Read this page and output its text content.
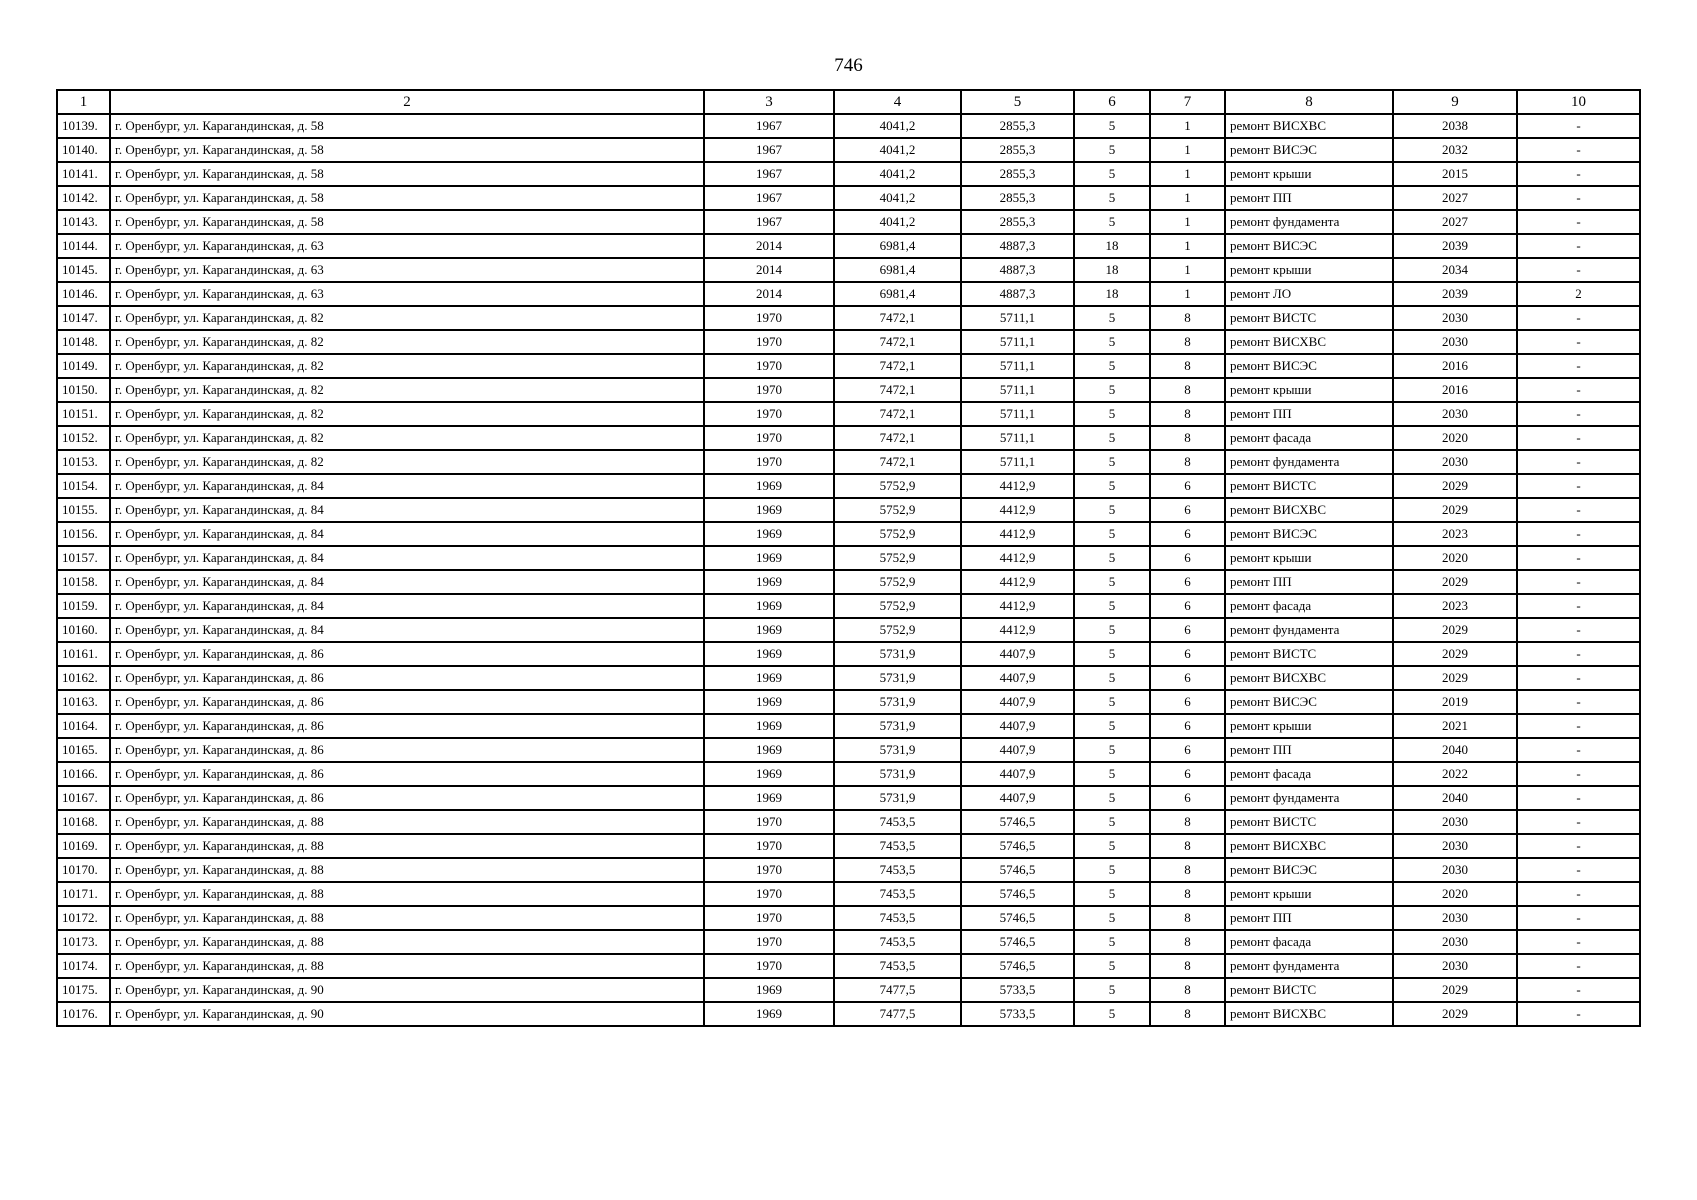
746
1	2	3	4	5	6	7	8	9	10
10139.	г. Оренбург, ул. Карагандинская, д. 58	1967	4041,2	2855,3	5	1	ремонт ВИСХВС	2038	-
10140.	г. Оренбург, ул. Карагандинская, д. 58	1967	4041,2	2855,3	5	1	ремонт ВИСЭС	2032	-
10141.	г. Оренбург, ул. Карагандинская, д. 58	1967	4041,2	2855,3	5	1	ремонт крыши	2015	-
10142.	г. Оренбург, ул. Карагандинская, д. 58	1967	4041,2	2855,3	5	1	ремонт ПП	2027	-
10143.	г. Оренбург, ул. Карагандинская, д. 58	1967	4041,2	2855,3	5	1	ремонт фундамента	2027	-
10144.	г. Оренбург, ул. Карагандинская, д. 63	2014	6981,4	4887,3	18	1	ремонт ВИСЭС	2039	-
10145.	г. Оренбург, ул. Карагандинская, д. 63	2014	6981,4	4887,3	18	1	ремонт крыши	2034	-
10146.	г. Оренбург, ул. Карагандинская, д. 63	2014	6981,4	4887,3	18	1	ремонт ЛО	2039	2
10147.	г. Оренбург, ул. Карагандинская, д. 82	1970	7472,1	5711,1	5	8	ремонт ВИСТС	2030	-
10148.	г. Оренбург, ул. Карагандинская, д. 82	1970	7472,1	5711,1	5	8	ремонт ВИСХВС	2030	-
10149.	г. Оренбург, ул. Карагандинская, д. 82	1970	7472,1	5711,1	5	8	ремонт ВИСЭС	2016	-
10150.	г. Оренбург, ул. Карагандинская, д. 82	1970	7472,1	5711,1	5	8	ремонт крыши	2016	-
10151.	г. Оренбург, ул. Карагандинская, д. 82	1970	7472,1	5711,1	5	8	ремонт ПП	2030	-
10152.	г. Оренбург, ул. Карагандинская, д. 82	1970	7472,1	5711,1	5	8	ремонт фасада	2020	-
10153.	г. Оренбург, ул. Карагандинская, д. 82	1970	7472,1	5711,1	5	8	ремонт фундамента	2030	-
10154.	г. Оренбург, ул. Карагандинская, д. 84	1969	5752,9	4412,9	5	6	ремонт ВИСТС	2029	-
10155.	г. Оренбург, ул. Карагандинская, д. 84	1969	5752,9	4412,9	5	6	ремонт ВИСХВС	2029	-
10156.	г. Оренбург, ул. Карагандинская, д. 84	1969	5752,9	4412,9	5	6	ремонт ВИСЭС	2023	-
10157.	г. Оренбург, ул. Карагандинская, д. 84	1969	5752,9	4412,9	5	6	ремонт крыши	2020	-
10158.	г. Оренбург, ул. Карагандинская, д. 84	1969	5752,9	4412,9	5	6	ремонт ПП	2029	-
10159.	г. Оренбург, ул. Карагандинская, д. 84	1969	5752,9	4412,9	5	6	ремонт фасада	2023	-
10160.	г. Оренбург, ул. Карагандинская, д. 84	1969	5752,9	4412,9	5	6	ремонт фундамента	2029	-
10161.	г. Оренбург, ул. Карагандинская, д. 86	1969	5731,9	4407,9	5	6	ремонт ВИСТС	2029	-
10162.	г. Оренбург, ул. Карагандинская, д. 86	1969	5731,9	4407,9	5	6	ремонт ВИСХВС	2029	-
10163.	г. Оренбург, ул. Карагандинская, д. 86	1969	5731,9	4407,9	5	6	ремонт ВИСЭС	2019	-
10164.	г. Оренбург, ул. Карагандинская, д. 86	1969	5731,9	4407,9	5	6	ремонт крыши	2021	-
10165.	г. Оренбург, ул. Карагандинская, д. 86	1969	5731,9	4407,9	5	6	ремонт ПП	2040	-
10166.	г. Оренбург, ул. Карагандинская, д. 86	1969	5731,9	4407,9	5	6	ремонт фасада	2022	-
10167.	г. Оренбург, ул. Карагандинская, д. 86	1969	5731,9	4407,9	5	6	ремонт фундамента	2040	-
10168.	г. Оренбург, ул. Карагандинская, д. 88	1970	7453,5	5746,5	5	8	ремонт ВИСТС	2030	-
10169.	г. Оренбург, ул. Карагандинская, д. 88	1970	7453,5	5746,5	5	8	ремонт ВИСХВС	2030	-
10170.	г. Оренбург, ул. Карагандинская, д. 88	1970	7453,5	5746,5	5	8	ремонт ВИСЭС	2030	-
10171.	г. Оренбург, ул. Карагандинская, д. 88	1970	7453,5	5746,5	5	8	ремонт крыши	2020	-
10172.	г. Оренбург, ул. Карагандинская, д. 88	1970	7453,5	5746,5	5	8	ремонт ПП	2030	-
10173.	г. Оренбург, ул. Карагандинская, д. 88	1970	7453,5	5746,5	5	8	ремонт фасада	2030	-
10174.	г. Оренбург, ул. Карагандинская, д. 88	1970	7453,5	5746,5	5	8	ремонт фундамента	2030	-
10175.	г. Оренбург, ул. Карагандинская, д. 90	1969	7477,5	5733,5	5	8	ремонт ВИСТС	2029	-
10176.	г. Оренбург, ул. Карагандинская, д. 90	1969	7477,5	5733,5	5	8	ремонт ВИСХВС	2029	-
